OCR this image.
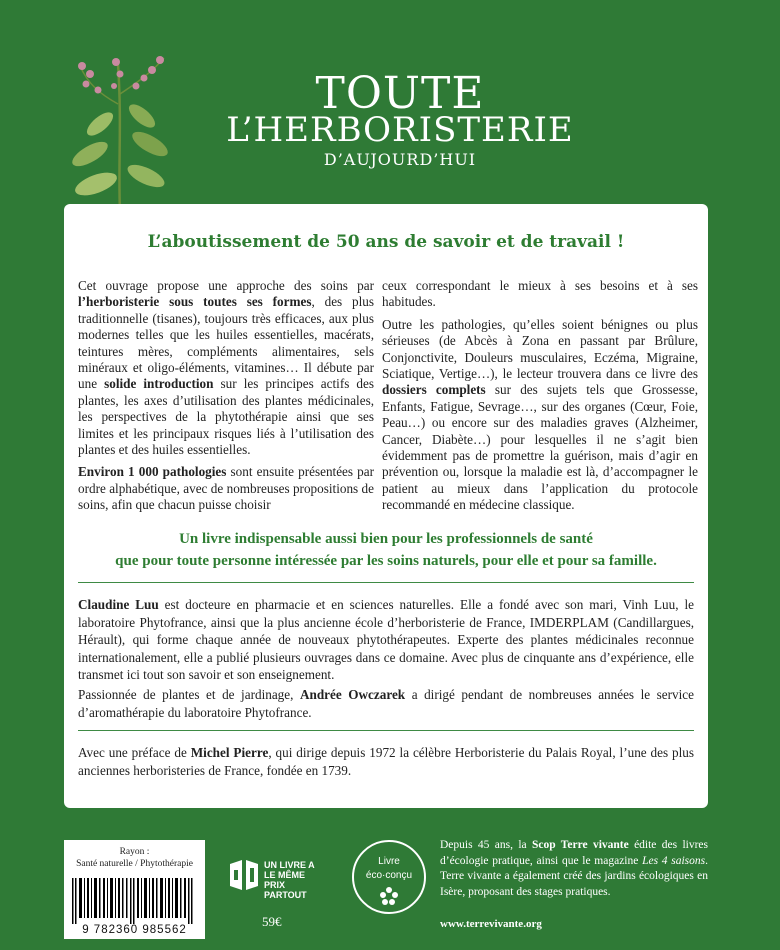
TOUTE
L’HERBORISTERIE
D’AUJOURD’HUI
L’aboutissement de 50 ans de savoir et de travail !

Cet ouvrage propose une approche des soins par l’herboristerie sous toutes ses formes, des plus traditionnelle (tisanes), toujours très efficaces, aux plus modernes telles que les huiles essentielles, macérats, teintures mères, compléments alimentaires, sels minéraux et oligo-éléments, vitamines… Il débute par une solide introduction sur les principes actifs des plantes, les axes d’utilisation des plantes médicinales, les perspectives de la phytothérapie ainsi que ses limites et les principaux risques liés à l’utilisation des plantes et des huiles essentielles.

Environ 1 000 pathologies sont ensuite présentées par ordre alphabétique, avec de nombreuses propositions de soins, afin que chacun puisse choisir

ceux correspondant le mieux à ses besoins et à ses habitudes.

Outre les pathologies, qu’elles soient bénignes ou plus sérieuses (de Abcès à Zona en passant par Brûlure, Conjonctivite, Douleurs musculaires, Eczéma, Migraine, Sciatique, Vertige…), le lecteur trouvera dans ce livre des dossiers complets sur des sujets tels que Grossesse, Enfants, Fatigue, Sevrage…, sur des organes (Cœur, Foie, Peau…) ou encore sur des maladies graves (Alzheimer, Cancer, Diabète…) pour lesquelles il ne s’agit bien évidemment pas de promettre la guérison, mais d’agir en prévention ou, lorsque la maladie est là, d’accompagner le patient au mieux dans l’application du protocole recommandé en médecine classique.

Un livre indispensable aussi bien pour les professionnels de santé
que pour toute personne intéressée par les soins naturels, pour elle et pour sa famille.

Claudine Luu est docteure en pharmacie et en sciences naturelles. Elle a fondé avec son mari, Vinh Luu, le laboratoire Phytofrance, ainsi que la plus ancienne école d’herboristerie de France, IMDERPLAM (Candillargues, Hérault), qui forme chaque année de nouveaux phytothérapeutes. Experte des plantes médicinales reconnue internationalement, elle a publié plusieurs ouvrages dans ce domaine. Avec plus de cinquante ans d’expérience, elle transmet ici tout son savoir et son enseignement.

Passionnée de plantes et de jardinage, Andrée Owczarek a dirigé pendant de nombreuses années le service d’aromathérapie du laboratoire Phytofrance.

Avec une préface de Michel Pierre, qui dirige depuis 1972 la célèbre Herboristerie du Palais Royal, l’une des plus anciennes herboristeries de France, fondée en 1739.

Rayon :
Santé naturelle / Phytothérapie
9 782360 985562
UN LIVRE A
LE MÊME PRIX
PARTOUT
59€
Livre
éco·conçu
Depuis 45 ans, la Scop Terre vivante édite des livres d’écologie pratique, ainsi que le magazine Les 4 saisons. Terre vivante a également créé des jardins écologiques en Isère, proposant des stages pratiques.
www.terrevivante.org
